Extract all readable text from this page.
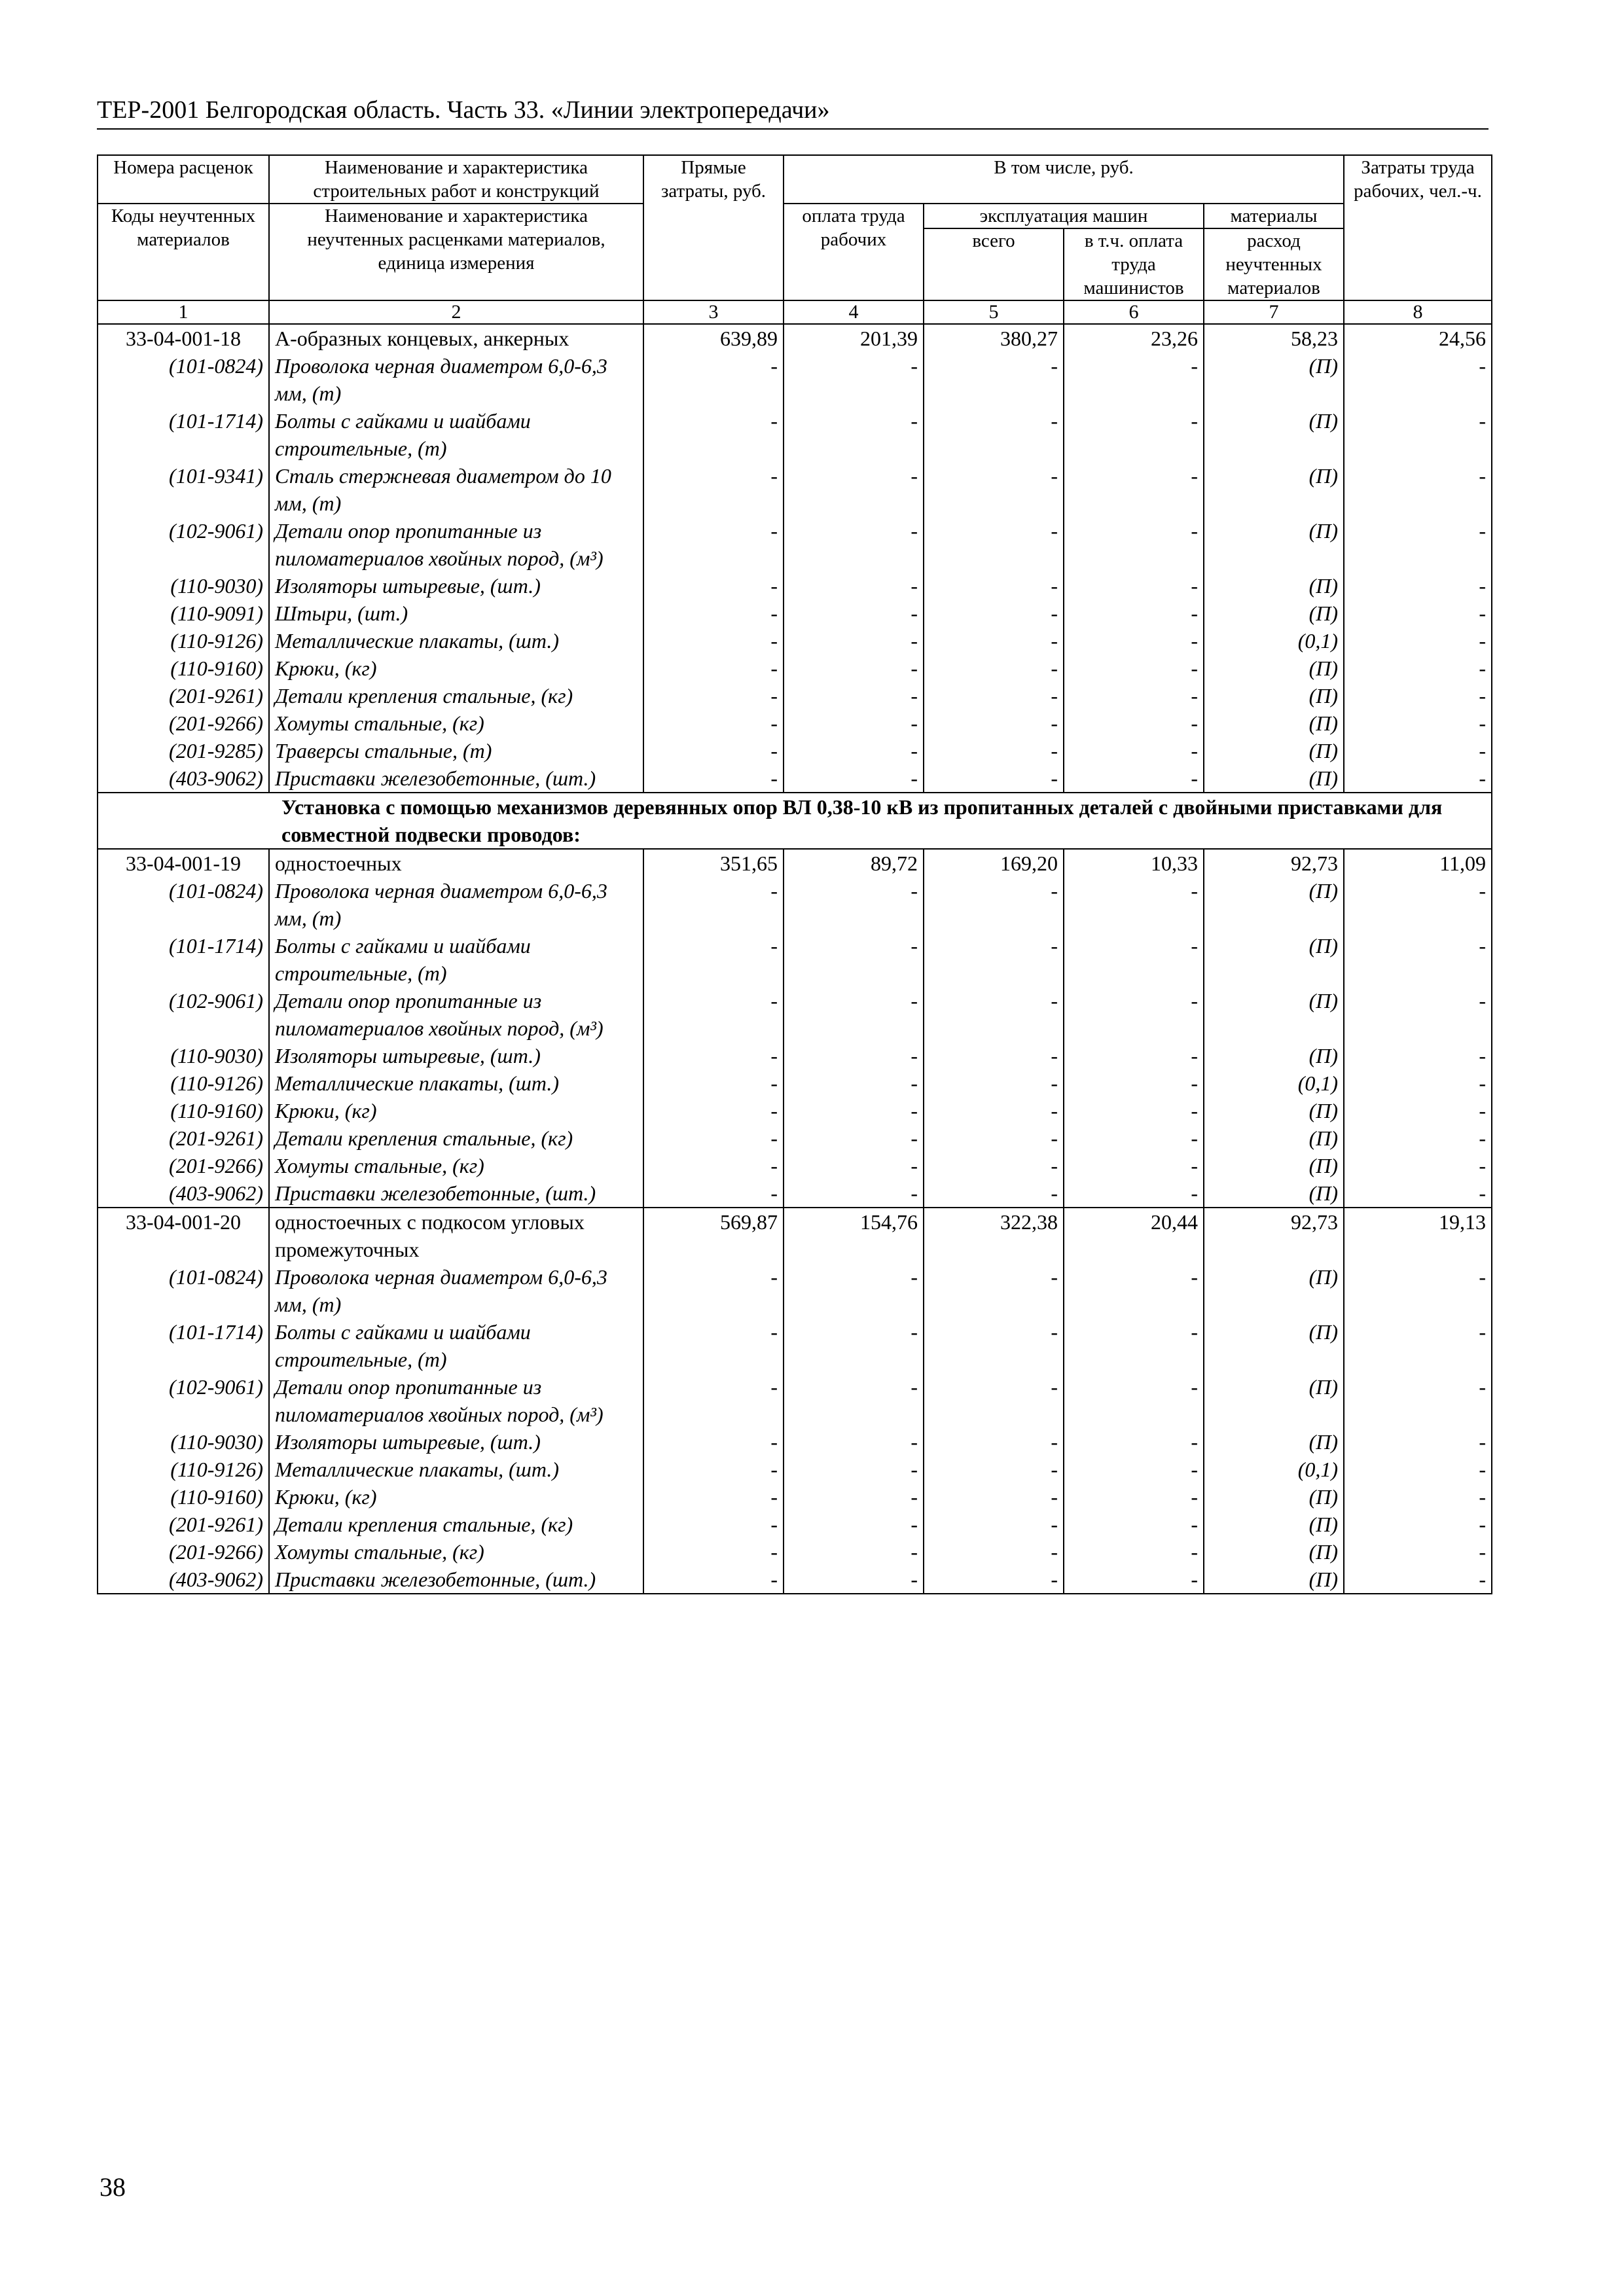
ТЕР-2001 Белгородская область. Часть 33. «Линии электропередачи»
Номера расценок	Наименование и характеристика строительных работ и конструкций	Прямые затраты, руб.	В том числе, руб.				Затраты труда рабочих, чел.-ч.
Коды неучтенных материалов	Наименование и характеристика неучтенных расценками материалов, единица измерения		оплата труда рабочих	эксплуатация машин		материалы	
				всего	в т.ч. оплата труда машинистов	расход неучтенных материалов	
1	2	3	4	5	6	7	8
33-04-001-18	А-образных концевых, анкерных	639,89	201,39	380,27	23,26	58,23	24,56
(101-0824)	Проволока черная диаметром 6,0-6,3 мм, (т)	-	-	-	-	(П)	-
(101-1714)	Болты с гайками и шайбами строительные, (т)	-	-	-	-	(П)	-
(101-9341)	Сталь стержневая диаметром до 10 мм, (т)	-	-	-	-	(П)	-
(102-9061)	Детали опор пропитанные из пиломатериалов хвойных пород, (м³)	-	-	-	-	(П)	-
(110-9030)	Изоляторы штыревые, (шт.)	-	-	-	-	(П)	-
(110-9091)	Штыри, (шт.)	-	-	-	-	(П)	-
(110-9126)	Металлические плакаты, (шт.)	-	-	-	-	(0,1)	-
(110-9160)	Крюки, (кг)	-	-	-	-	(П)	-
(201-9261)	Детали крепления стальные, (кг)	-	-	-	-	(П)	-
(201-9266)	Хомуты стальные, (кг)	-	-	-	-	(П)	-
(201-9285)	Траверсы стальные, (т)	-	-	-	-	(П)	-
(403-9062)	Приставки железобетонные, (шт.)	-	-	-	-	(П)	-
Установка с помощью механизмов деревянных опор ВЛ 0,38-10 кВ из пропитанных деталей с двойными приставками для совместной подвески проводов:							
33-04-001-19	одностоечных	351,65	89,72	169,20	10,33	92,73	11,09
(101-0824)	Проволока черная диаметром 6,0-6,3 мм, (т)	-	-	-	-	(П)	-
(101-1714)	Болты с гайками и шайбами строительные, (т)	-	-	-	-	(П)	-
(102-9061)	Детали опор пропитанные из пиломатериалов хвойных пород, (м³)	-	-	-	-	(П)	-
(110-9030)	Изоляторы штыревые, (шт.)	-	-	-	-	(П)	-
(110-9126)	Металлические плакаты, (шт.)	-	-	-	-	(0,1)	-
(110-9160)	Крюки, (кг)	-	-	-	-	(П)	-
(201-9261)	Детали крепления стальные, (кг)	-	-	-	-	(П)	-
(201-9266)	Хомуты стальные, (кг)	-	-	-	-	(П)	-
(403-9062)	Приставки железобетонные, (шт.)	-	-	-	-	(П)	-
33-04-001-20	одностоечных с подкосом угловых промежуточных	569,87	154,76	322,38	20,44	92,73	19,13
(101-0824)	Проволока черная диаметром 6,0-6,3 мм, (т)	-	-	-	-	(П)	-
(101-1714)	Болты с гайками и шайбами строительные, (т)	-	-	-	-	(П)	-
(102-9061)	Детали опор пропитанные из пиломатериалов хвойных пород, (м³)	-	-	-	-	(П)	-
(110-9030)	Изоляторы штыревые, (шт.)	-	-	-	-	(П)	-
(110-9126)	Металлические плакаты, (шт.)	-	-	-	-	(0,1)	-
(110-9160)	Крюки, (кг)	-	-	-	-	(П)	-
(201-9261)	Детали крепления стальные, (кг)	-	-	-	-	(П)	-
(201-9266)	Хомуты стальные, (кг)	-	-	-	-	(П)	-
(403-9062)	Приставки железобетонные, (шт.)	-	-	-	-	(П)	-
38
